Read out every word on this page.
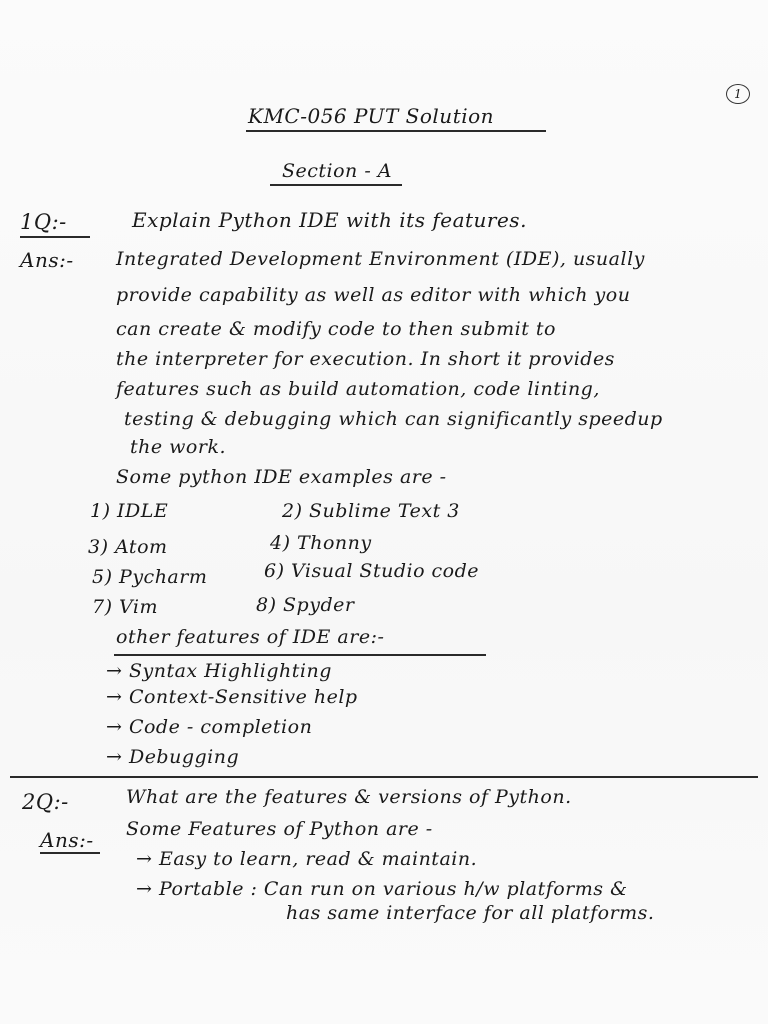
1
KMC-056 PUT Solution
Section - A
1Q:-	Explain Python IDE with its features.
Ans:- Integrated Development Environment (IDE), usually
provide capability as well as editor with which you
can create & modify code to then submit to
the interpreter for execution. In short it provides
features such as build automation, code linting,
testing & debugging which can significantly speedup
the work.
Some python IDE examples are -
1) IDLE	2) Sublime Text 3
3) Atom	4) Thonny
5) Pycharm	6) Visual Studio code
7) Vim	8) Spyder
other features of IDE are:-
→ Syntax Highlighting
→ Context-Sensitive help
→ Code - completion
→ Debugging
2Q:-	What are the features & versions of Python.
Ans:- Some Features of Python are -
→ Easy to learn, read & maintain.
→ Portable : Can run on various h/w platforms &
has same interface for all platforms.
